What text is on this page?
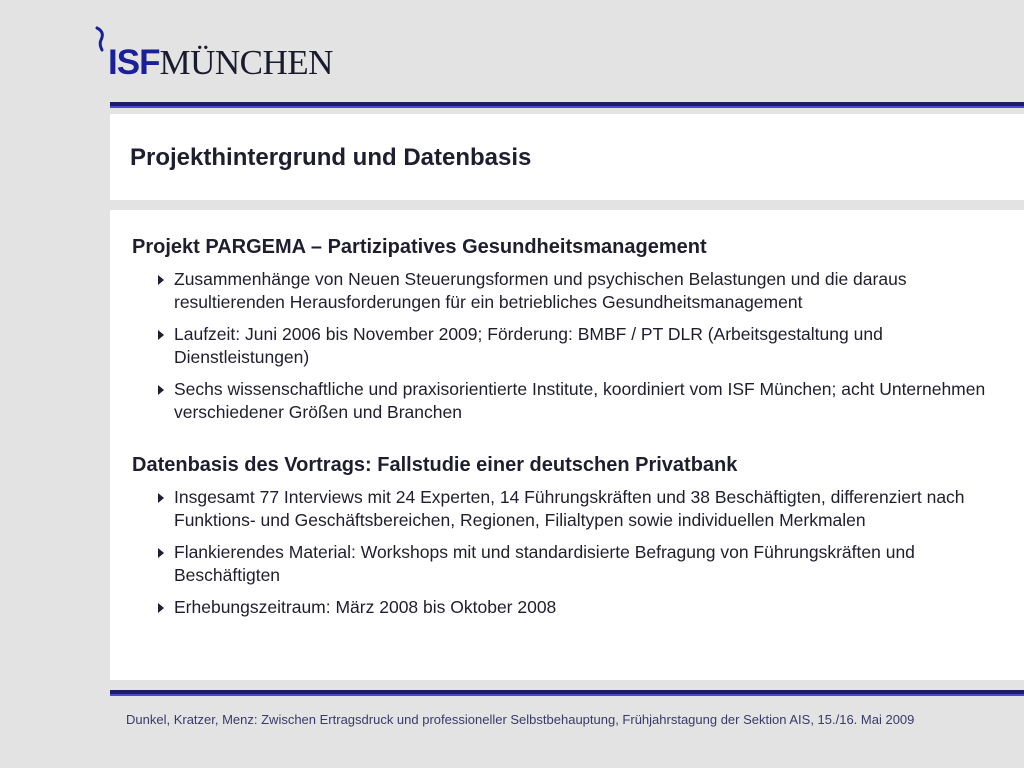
ISFMÜNCHEN
Projekthintergrund und Datenbasis
Projekt PARGEMA – Partizipatives Gesundheitsmanagement
Zusammenhänge von Neuen Steuerungsformen und psychischen Belastungen und die daraus resultierenden Herausforderungen für ein betriebliches Gesundheitsmanagement
Laufzeit: Juni 2006 bis November 2009; Förderung: BMBF / PT DLR (Arbeitsgestaltung und Dienstleistungen)
Sechs wissenschaftliche und praxisorientierte Institute, koordiniert vom ISF München; acht Unternehmen verschiedener Größen und Branchen
Datenbasis des Vortrags: Fallstudie einer deutschen Privatbank
Insgesamt 77 Interviews mit 24 Experten, 14 Führungskräften und 38 Beschäftigten, differenziert nach Funktions- und Geschäftsbereichen, Regionen, Filialtypen sowie individuellen Merkmalen
Flankierendes Material: Workshops mit und standardisierte Befragung von Führungskräften und Beschäftigten
Erhebungszeitraum: März 2008 bis Oktober 2008
Dunkel, Kratzer, Menz: Zwischen Ertragsdruck und professioneller Selbstbehauptung, Frühjahrstagung der Sektion AIS, 15./16. Mai 2009
